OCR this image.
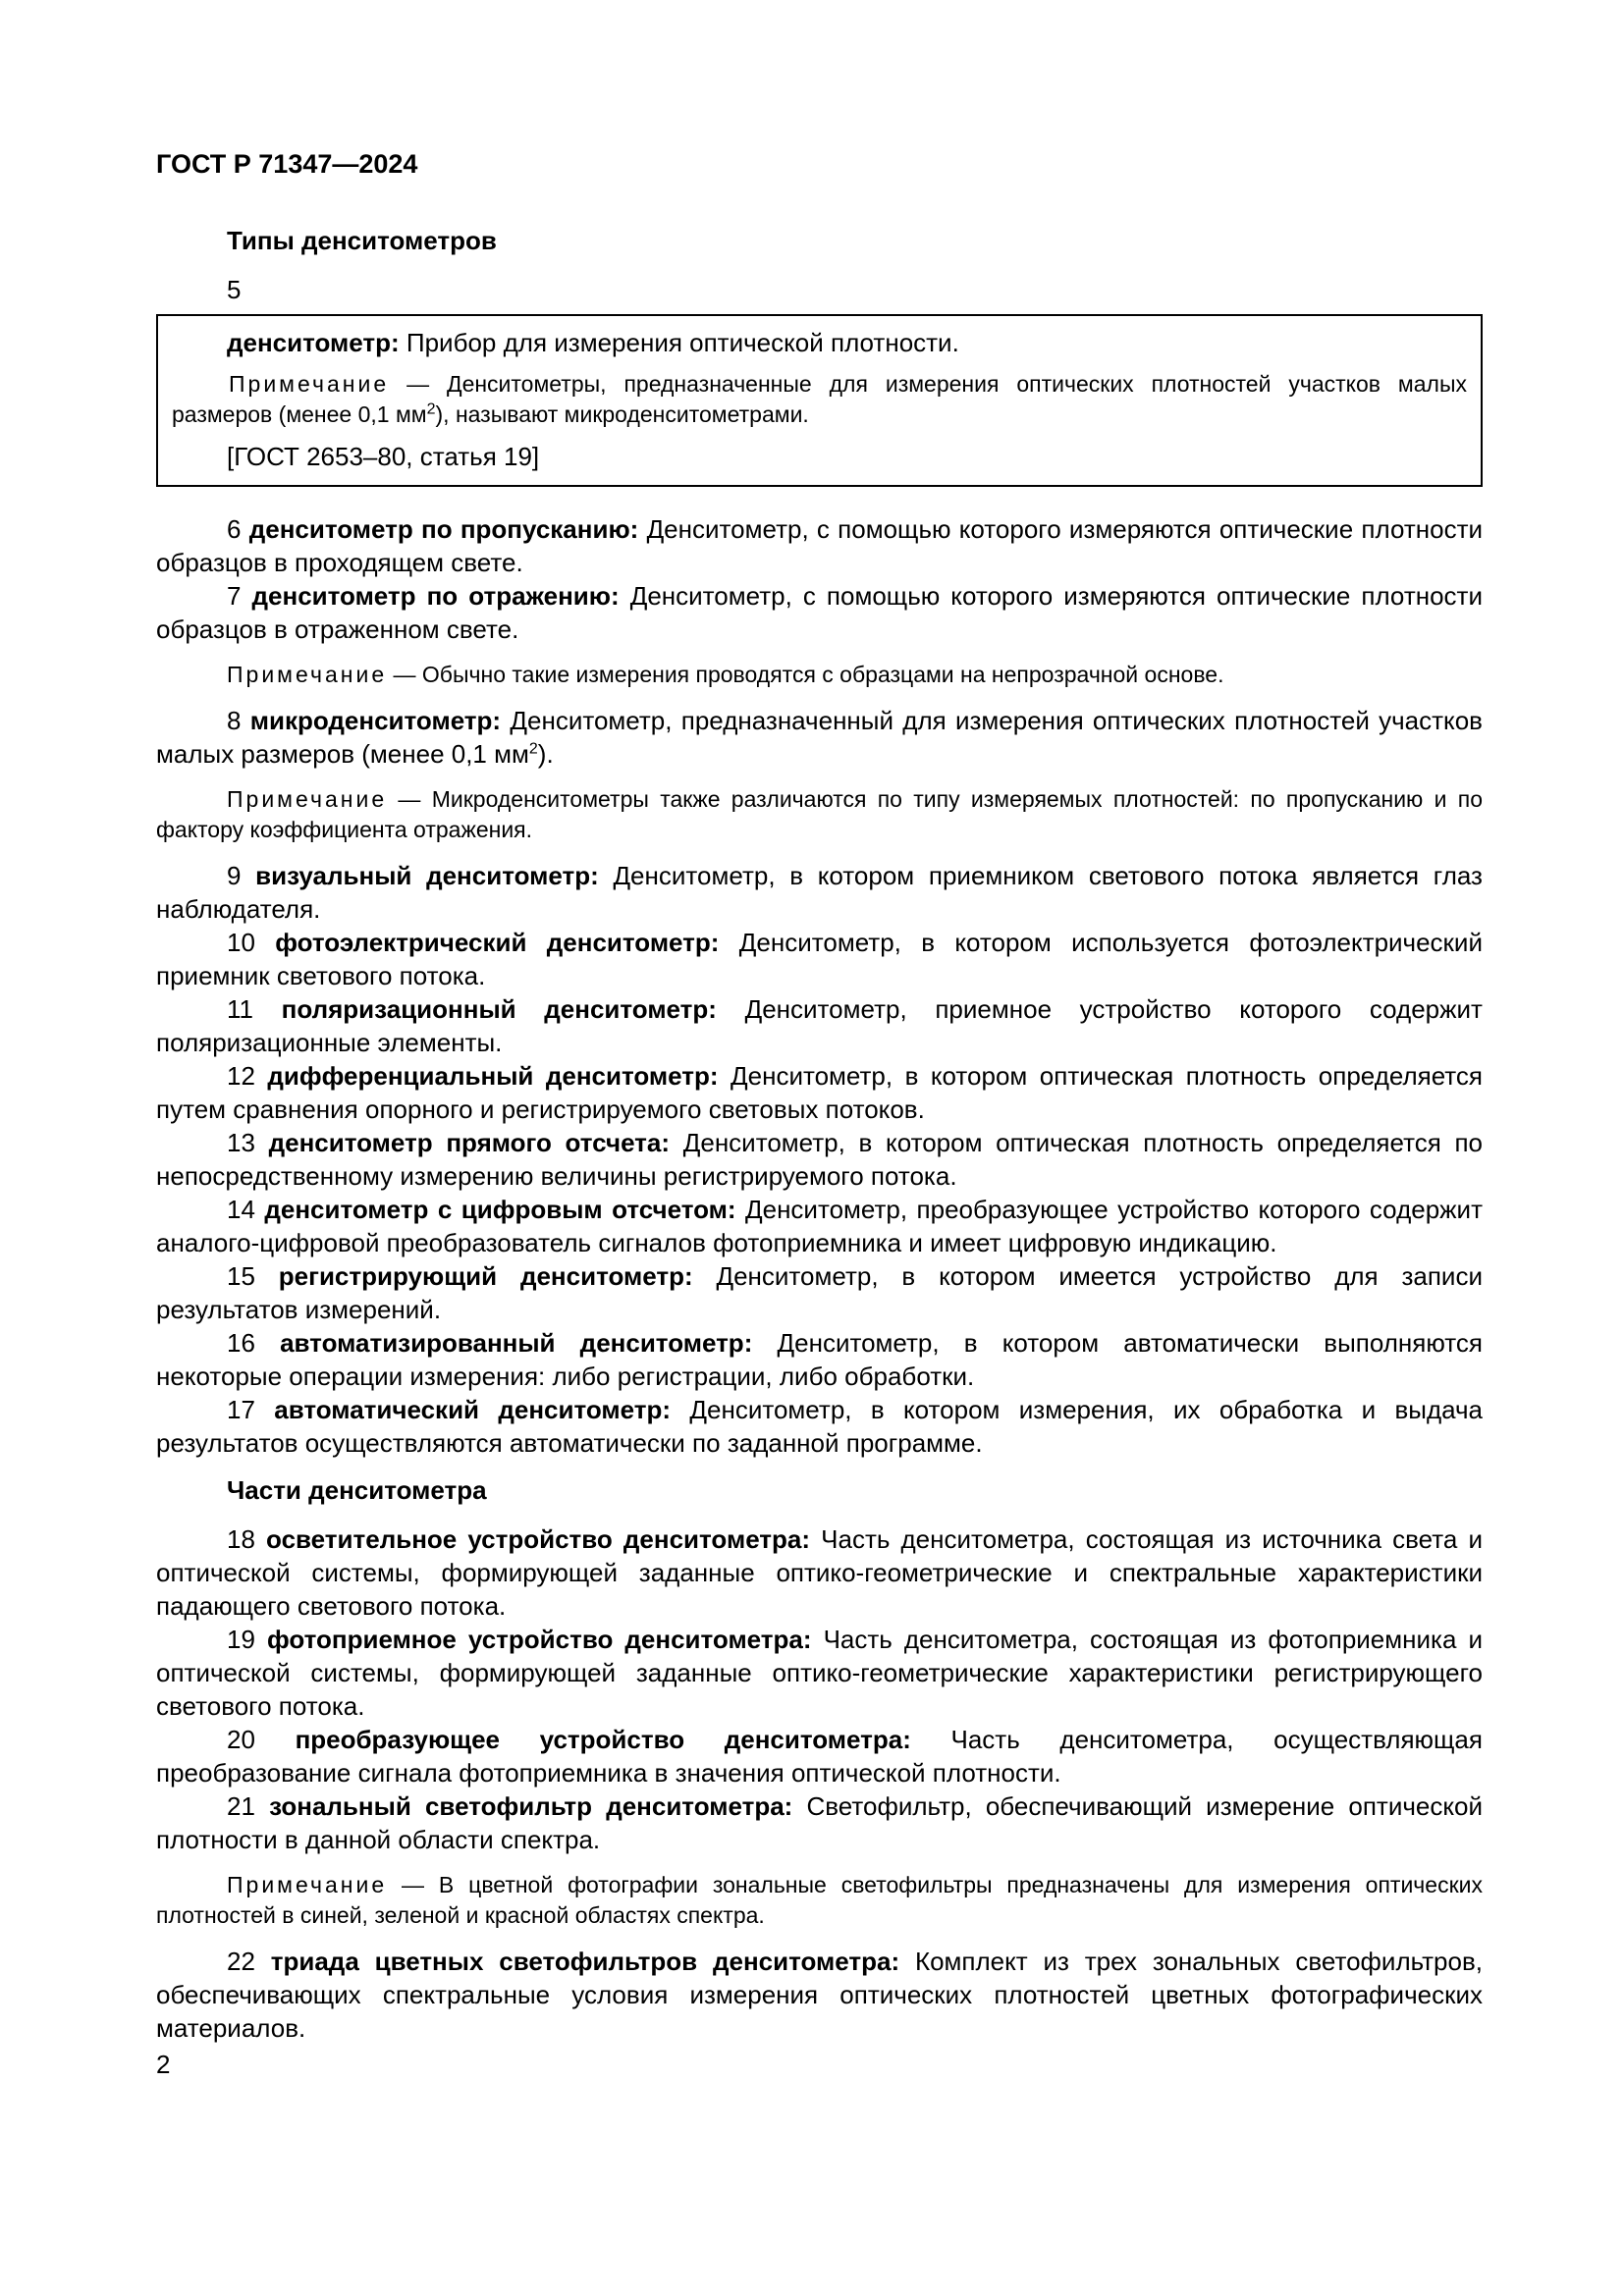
ГОСТ Р 71347—2024

Типы денситометров

5

денситометр: Прибор для измерения оптической плотности.

Примечание — Денситометры, предназначенные для измерения оптических плотностей участков малых размеров (менее 0,1 $мм^2$), называют микроденситометрами.

[ГОСТ 2653–80, статья 19]

6 денситометр по пропусканию: Денситометр, с помощью которого измеряются оптические плотности образцов в проходящем свете.

7 денситометр по отражению: Денситометр, с помощью которого измеряются оптические плотности образцов в отраженном свете.

Примечание — Обычно такие измерения проводятся с образцами на непрозрачной основе.

8 микроденситометр: Денситометр, предназначенный для измерения оптических плотностей участков малых размеров (менее 0,1 $мм^2$).

Примечание — Микроденситометры также различаются по типу измеряемых плотностей: по пропусканию и по фактору коэффициента отражения.

9 визуальный денситометр: Денситометр, в котором приемником светового потока является глаз наблюдателя.

10 фотоэлектрический денситометр: Денситометр, в котором используется фотоэлектрический приемник светового потока.

11 поляризационный денситометр: Денситометр, приемное устройство которого содержит поляризационные элементы.

12 дифференциальный денситометр: Денситометр, в котором оптическая плотность определяется путем сравнения опорного и регистрируемого световых потоков.

13 денситометр прямого отсчета: Денситометр, в котором оптическая плотность определяется по непосредственному измерению величины регистрируемого потока.

14 денситометр с цифровым отсчетом: Денситометр, преобразующее устройство которого содержит аналого-цифровой преобразователь сигналов фотоприемника и имеет цифровую индикацию.

15 регистрирующий денситометр: Денситометр, в котором имеется устройство для записи результатов измерений.

16 автоматизированный денситометр: Денситометр, в котором автоматически выполняются некоторые операции измерения: либо регистрации, либо обработки.

17 автоматический денситометр: Денситометр, в котором измерения, их обработка и выдача результатов осуществляются автоматически по заданной программе.

Части денситометра

18 осветительное устройство денситометра: Часть денситометра, состоящая из источника света и оптической системы, формирующей заданные оптико-геометрические и спектральные характеристики падающего светового потока.

19 фотоприемное устройство денситометра: Часть денситометра, состоящая из фотоприемника и оптической системы, формирующей заданные оптико-геометрические характеристики регистрирующего светового потока.

20 преобразующее устройство денситометра: Часть денситометра, осуществляющая преобразование сигнала фотоприемника в значения оптической плотности.

21 зональный светофильтр денситометра: Светофильтр, обеспечивающий измерение оптической плотности в данной области спектра.

Примечание — В цветной фотографии зональные светофильтры предназначены для измерения оптических плотностей в синей, зеленой и красной областях спектра.

22 триада цветных светофильтров денситометра: Комплект из трех зональных светофильтров, обеспечивающих спектральные условия измерения оптических плотностей цветных фотографических материалов.

2
